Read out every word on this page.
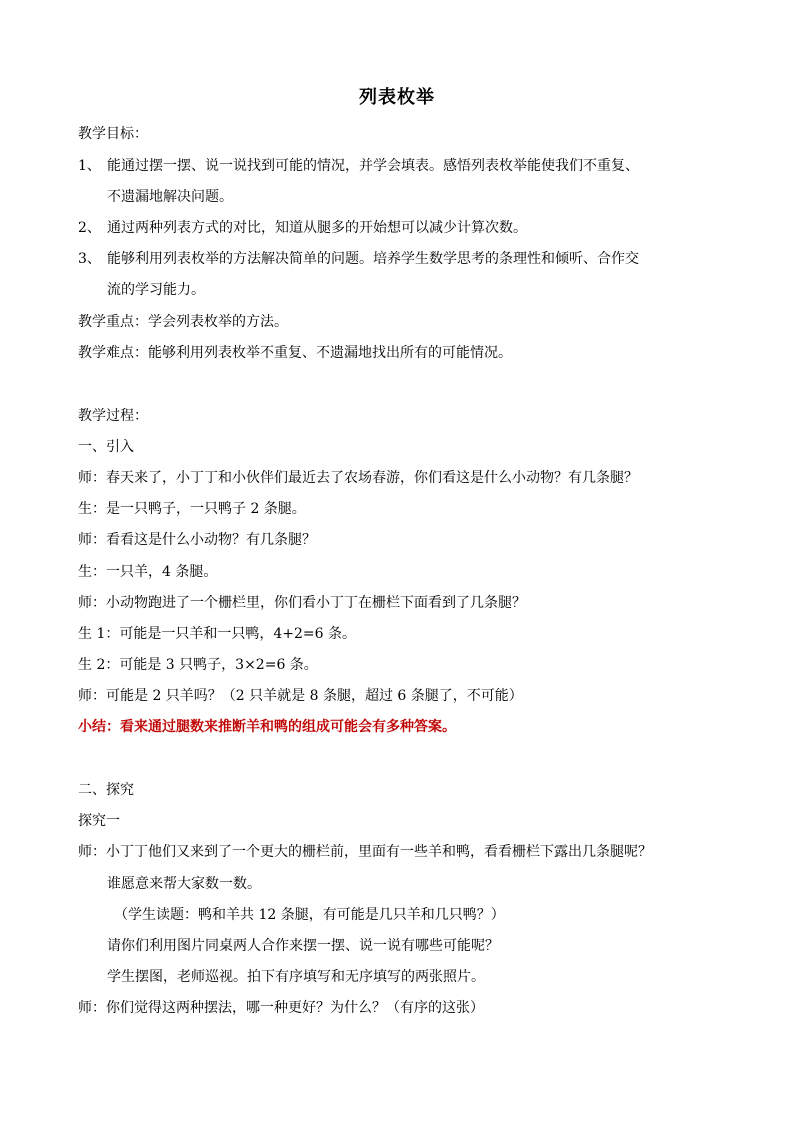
列表枚举
教学目标：
1、 能通过摆一摆、说一说找到可能的情况，并学会填表。感悟列表枚举能使我们不重复、
不遗漏地解决问题。
2、 通过两种列表方式的对比，知道从腿多的开始想可以减少计算次数。
3、 能够利用列表枚举的方法解决简单的问题。培养学生数学思考的条理性和倾听、合作交
流的学习能力。
教学重点：学会列表枚举的方法。
教学难点：能够利用列表枚举不重复、不遗漏地找出所有的可能情况。
教学过程：
一、引入
师：春天来了，小丁丁和小伙伴们最近去了农场春游，你们看这是什么小动物？有几条腿？
生：是一只鸭子，一只鸭子 2 条腿。
师：看看这是什么小动物？有几条腿？
生：一只羊，4 条腿。
师：小动物跑进了一个栅栏里，你们看小丁丁在栅栏下面看到了几条腿？
生 1：可能是一只羊和一只鸭，4+2=6 条。
生 2：可能是 3 只鸭子，3×2=6 条。
师：可能是 2 只羊吗？（2 只羊就是 8 条腿，超过 6 条腿了，不可能）
小结：看来通过腿数来推断羊和鸭的组成可能会有多种答案。
二、探究
探究一
师：小丁丁他们又来到了一个更大的栅栏前，里面有一些羊和鸭，看看栅栏下露出几条腿呢？
谁愿意来帮大家数一数。
（学生读题：鸭和羊共 12 条腿，有可能是几只羊和几只鸭？）
请你们利用图片同桌两人合作来摆一摆、说一说有哪些可能呢？
学生摆图，老师巡视。拍下有序填写和无序填写的两张照片。
师：你们觉得这两种摆法，哪一种更好？为什么？（有序的这张）
